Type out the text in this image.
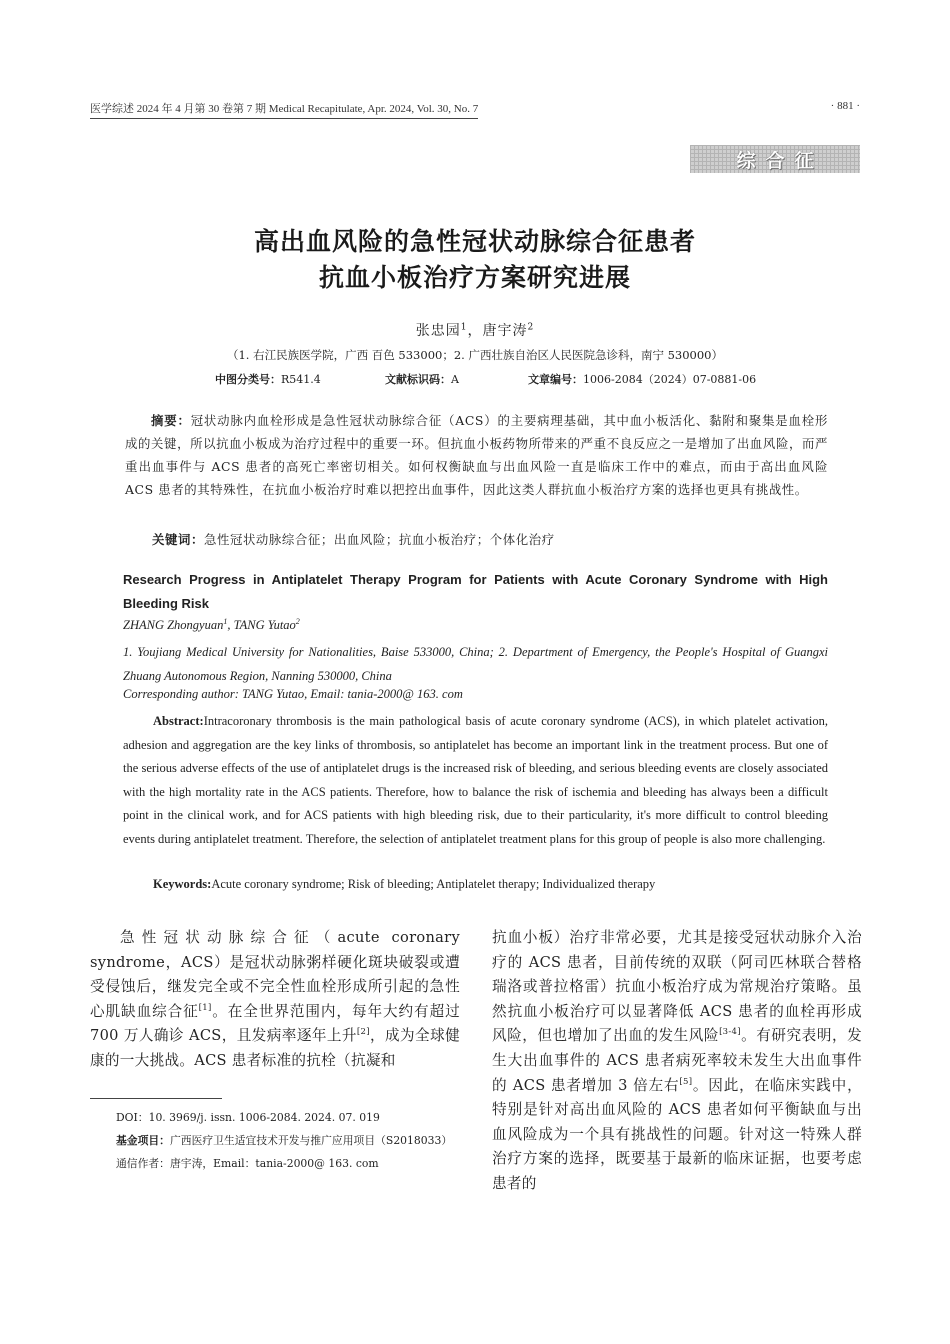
医学综述 2024 年 4 月第 30 卷第 7 期 Medical Recapitulate, Apr. 2024, Vol. 30, No. 7	· 881 ·
综合征
高出血风险的急性冠状动脉综合征患者
抗血小板治疗方案研究进展
张忠园$^1$，唐宇涛$^2$
（1. 右江民族医学院，广西 百色 533000；2. 广西壮族自治区人民医院急诊科，南宁 530000）
中图分类号：R541.4	文献标识码：A	文章编号：1006-2084（2024）07-0881-06
摘要：冠状动脉内血栓形成是急性冠状动脉综合征（ACS）的主要病理基础，其中血小板活化、黏附和聚集是血栓形成的关键，所以抗血小板成为治疗过程中的重要一环。但抗血小板药物所带来的严重不良反应之一是增加了出血风险，而严重出血事件与 ACS 患者的高死亡率密切相关。如何权衡缺血与出血风险一直是临床工作中的难点，而由于高出血风险 ACS 患者的其特殊性，在抗血小板治疗时难以把控出血事件，因此这类人群抗血小板治疗方案的选择也更具有挑战性。
关键词：急性冠状动脉综合征；出血风险；抗血小板治疗；个体化治疗
Research Progress in Antiplatelet Therapy Program for Patients with Acute Coronary Syndrome with High Bleeding Risk
ZHANG Zhongyuan$^1$, TANG Yutao$^2$
1. Youjiang Medical University for Nationalities, Baise 533000, China; 2. Department of Emergency, the People's Hospital of Guangxi Zhuang Autonomous Region, Nanning 530000, China
Corresponding author: TANG Yutao, Email: tania-2000@ 163. com
Abstract:Intracoronary thrombosis is the main pathological basis of acute coronary syndrome (ACS), in which platelet activation, adhesion and aggregation are the key links of thrombosis, so antiplatelet has become an important link in the treatment process. But one of the serious adverse effects of the use of antiplatelet drugs is the increased risk of bleeding, and serious bleeding events are closely associated with the high mortality rate in the ACS patients. Therefore, how to balance the risk of ischemia and bleeding has always been a difficult point in the clinical work, and for ACS patients with high bleeding risk, due to their particularity, it's more difficult to control bleeding events during antiplatelet treatment. Therefore, the selection of antiplatelet treatment plans for this group of people is also more challenging.
Keywords:Acute coronary syndrome; Risk of bleeding; Antiplatelet therapy; Individualized therapy
急性冠状动脉综合征（acute coronary syndrome，ACS）是冠状动脉粥样硬化斑块破裂或遭受侵蚀后，继发完全或不完全性血栓形成所引起的急性心肌缺血综合征[1]。在全世界范围内，每年大约有超过 700 万人确诊 ACS，且发病率逐年上升[2]，成为全球健康的一大挑战。ACS 患者标准的抗栓（抗凝和
抗血小板）治疗非常必要，尤其是接受冠状动脉介入治疗的 ACS 患者，目前传统的双联（阿司匹林联合替格瑞洛或普拉格雷）抗血小板治疗成为常规治疗策略。虽然抗血小板治疗可以显著降低 ACS 患者的血栓再形成风险，但也增加了出血的发生风险[3-4]。有研究表明，发生大出血事件的 ACS 患者病死率较未发生大出血事件的 ACS 患者增加 3 倍左右[5]。因此，在临床实践中，特别是针对高出血风险的 ACS 患者如何平衡缺血与出血风险成为一个具有挑战性的问题。针对这一特殊人群治疗方案的选择，既要基于最新的临床证据，也要考虑患者的
DOI：10. 3969/j. issn. 1006-2084. 2024. 07. 019
基金项目：广西医疗卫生适宜技术开发与推广应用项目（S2018033）
通信作者：唐宇涛，Email：tania-2000@ 163. com
